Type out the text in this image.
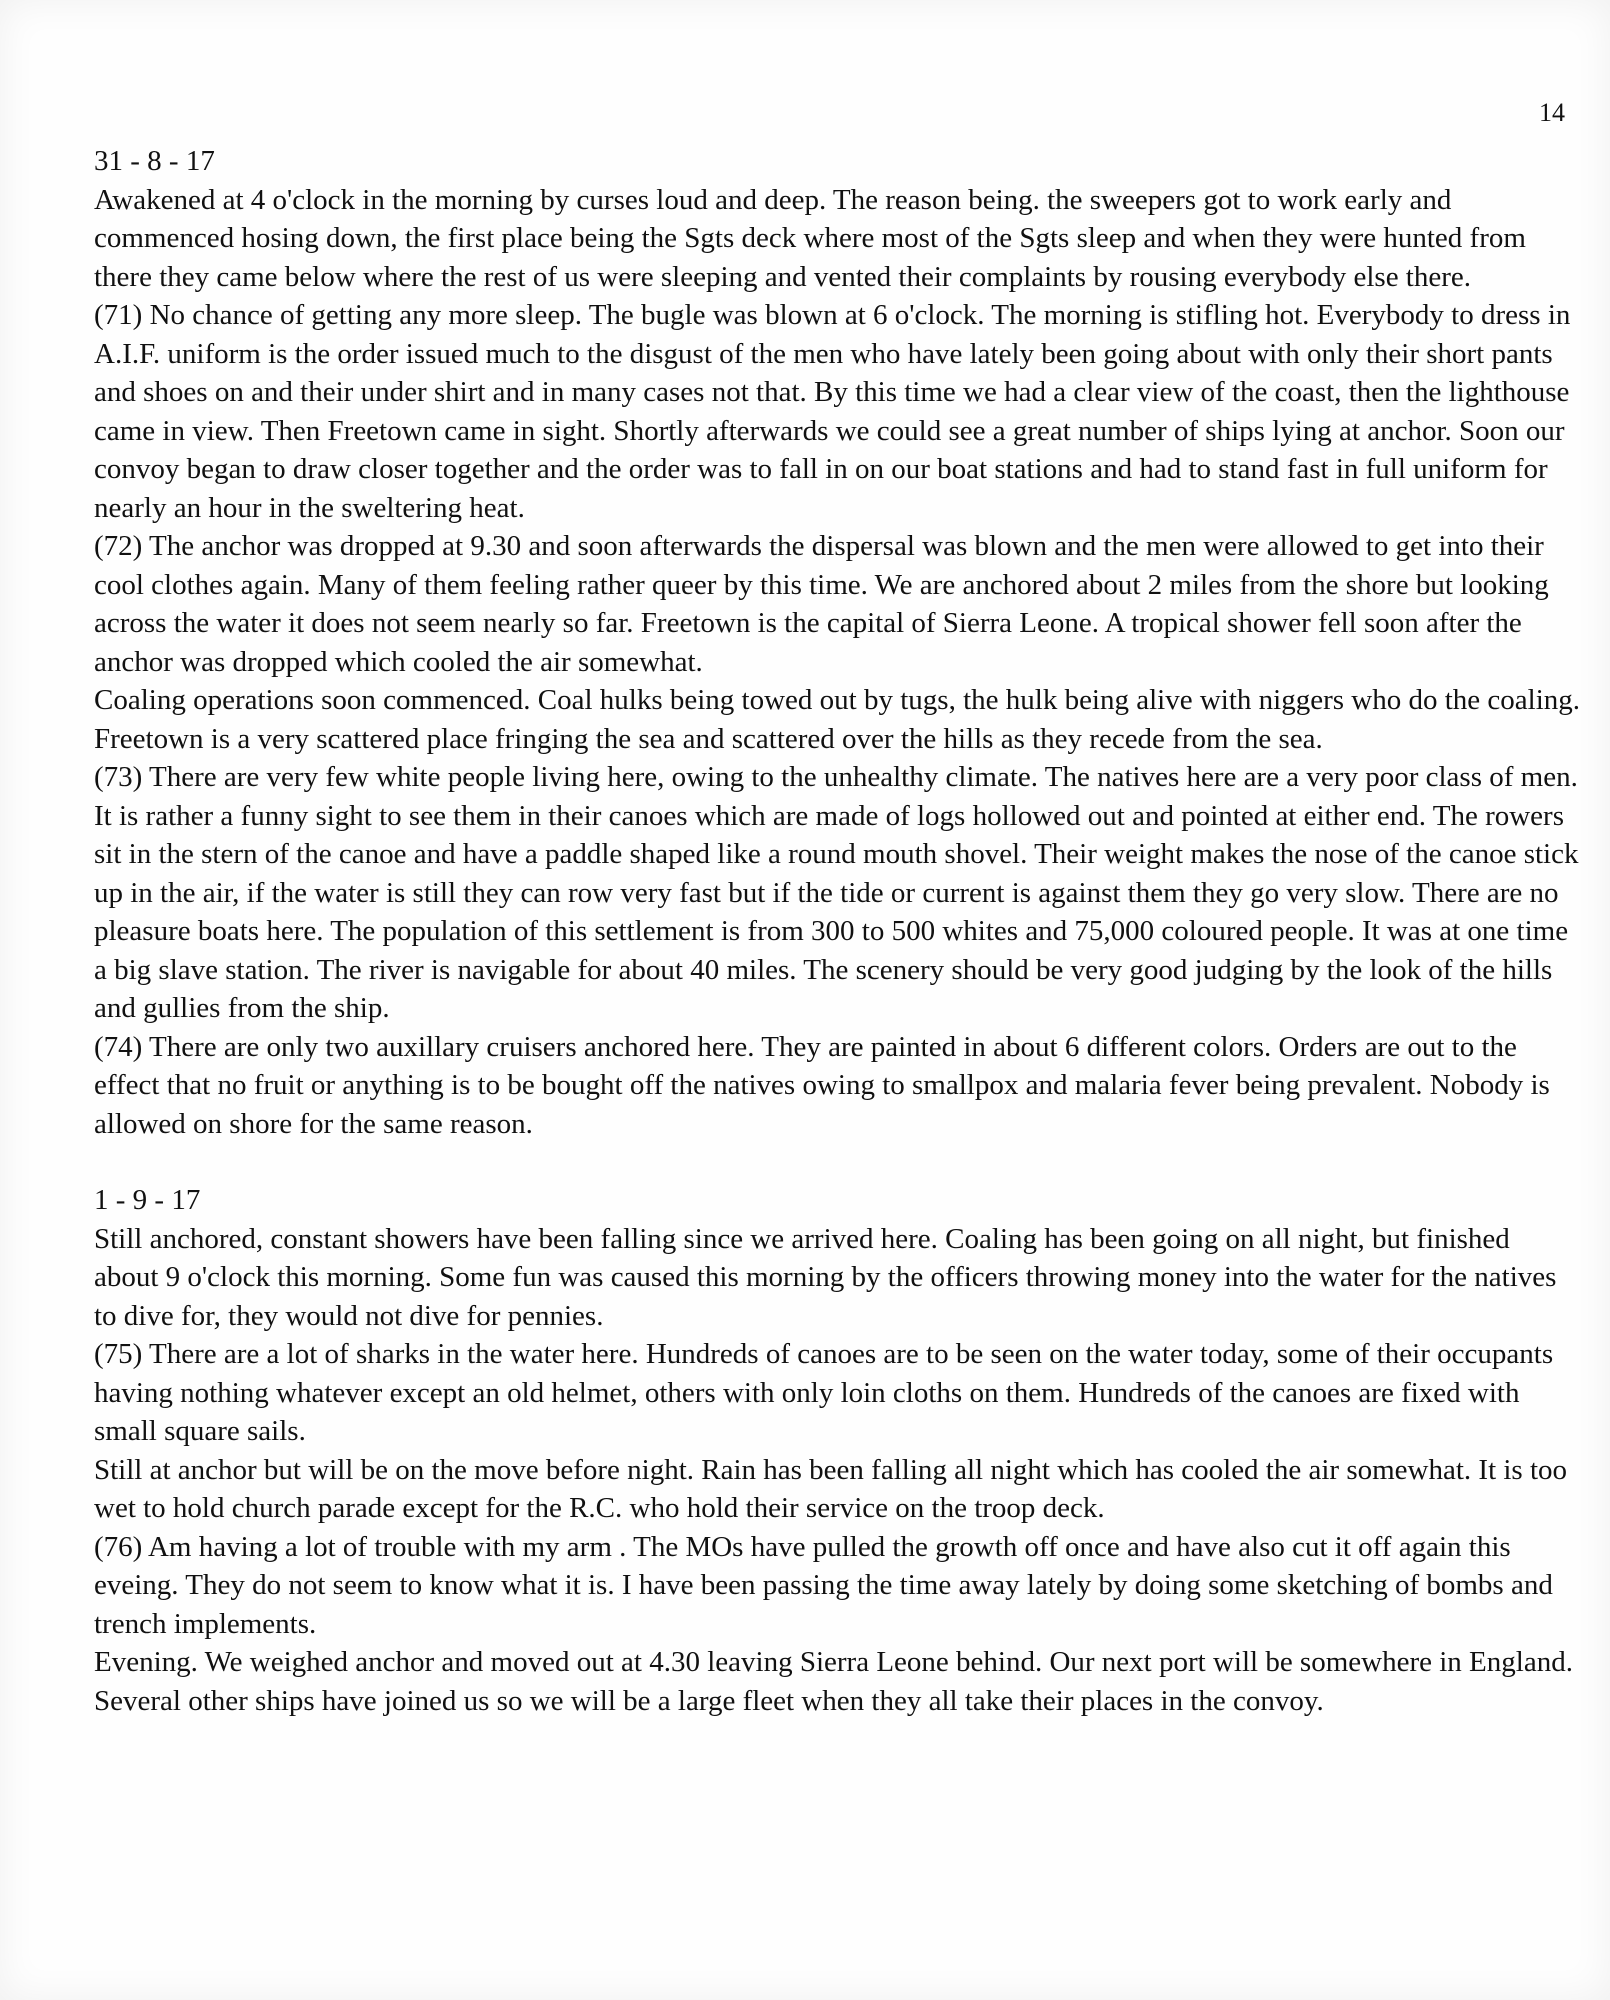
14

31 - 8 - 17

Awakened at 4 o'clock in the morning by curses loud and deep. The reason being. the sweepers got to work early and commenced hosing down, the first place being the Sgts deck where most of the Sgts sleep and when they were hunted from there they came below where the rest of us were sleeping and vented their complaints by rousing everybody else there.

(71) No chance of getting any more sleep. The bugle was blown at 6 o'clock. The morning is stifling hot. Everybody to dress in A.I.F. uniform is the order issued much to the disgust of the men who have lately been going about with only their short pants and shoes on and their under shirt and in many cases not that. By this time we had a clear view of the coast, then the lighthouse came in view. Then Freetown came in sight. Shortly afterwards we could see a great number of ships lying at anchor. Soon our convoy began to draw closer together and the order was to fall in on our boat stations and had to stand fast in full uniform for nearly an hour in the sweltering heat.

(72) The anchor was dropped at 9.30 and soon afterwards the dispersal was blown and the men were allowed to get into their cool clothes again. Many of them feeling rather queer by this time. We are anchored about 2 miles from the shore but looking across the water it does not seem nearly so far. Freetown is the capital of Sierra Leone. A tropical shower fell soon after the anchor was dropped which cooled the air somewhat.

Coaling operations soon commenced. Coal hulks being towed out by tugs, the hulk being alive with niggers who do the coaling.

Freetown is a very scattered place fringing the sea and scattered over the hills as they recede from the sea.

(73) There are very few white people living here, owing to the unhealthy climate. The natives here are a very poor class of men. It is rather a funny sight to see them in their canoes which are made of logs hollowed out and pointed at either end. The rowers sit in the stern of the canoe and have a paddle shaped like a round mouth shovel. Their weight makes the nose of the canoe stick up in the air, if the water is still they can row very fast but if the tide or current is against them they go very slow. There are no pleasure boats here. The population of this settlement is from 300 to 500 whites and 75,000 coloured people. It was at one time a big slave station. The river is navigable for about 40 miles. The scenery should be very good judging by the look of the hills and gullies from the ship.

(74) There are only two auxillary cruisers anchored here. They are painted in about 6 different colors. Orders are out to the effect that no fruit or anything is to be bought off the natives owing to smallpox and malaria fever being prevalent. Nobody is allowed on shore for the same reason.

1 - 9 - 17

Still anchored, constant showers have been falling since we arrived here. Coaling has been going on all night, but finished about 9 o'clock this morning. Some fun was caused this morning by the officers throwing money into the water for the natives to dive for, they would not dive for pennies.

(75) There are a lot of sharks in the water here. Hundreds of canoes are to be seen on the water today, some of their occupants having nothing whatever except an old helmet, others with only loin cloths on them. Hundreds of the canoes are fixed with small square sails.

Still at anchor but will be on the move before night. Rain has been falling all night which has cooled the air somewhat. It is too wet to hold church parade except for the R.C. who hold their service on the troop deck.

(76) Am having a lot of trouble with my arm . The MOs have pulled the growth off once and have also cut it off again this eveing. They do not seem to know what it is. I have been passing the time away lately by doing some sketching of bombs and trench implements.

Evening. We weighed anchor and moved out at 4.30 leaving Sierra Leone behind. Our next port will be somewhere in England. Several other ships have joined us so we will be a large fleet when they all take their places in the convoy.
